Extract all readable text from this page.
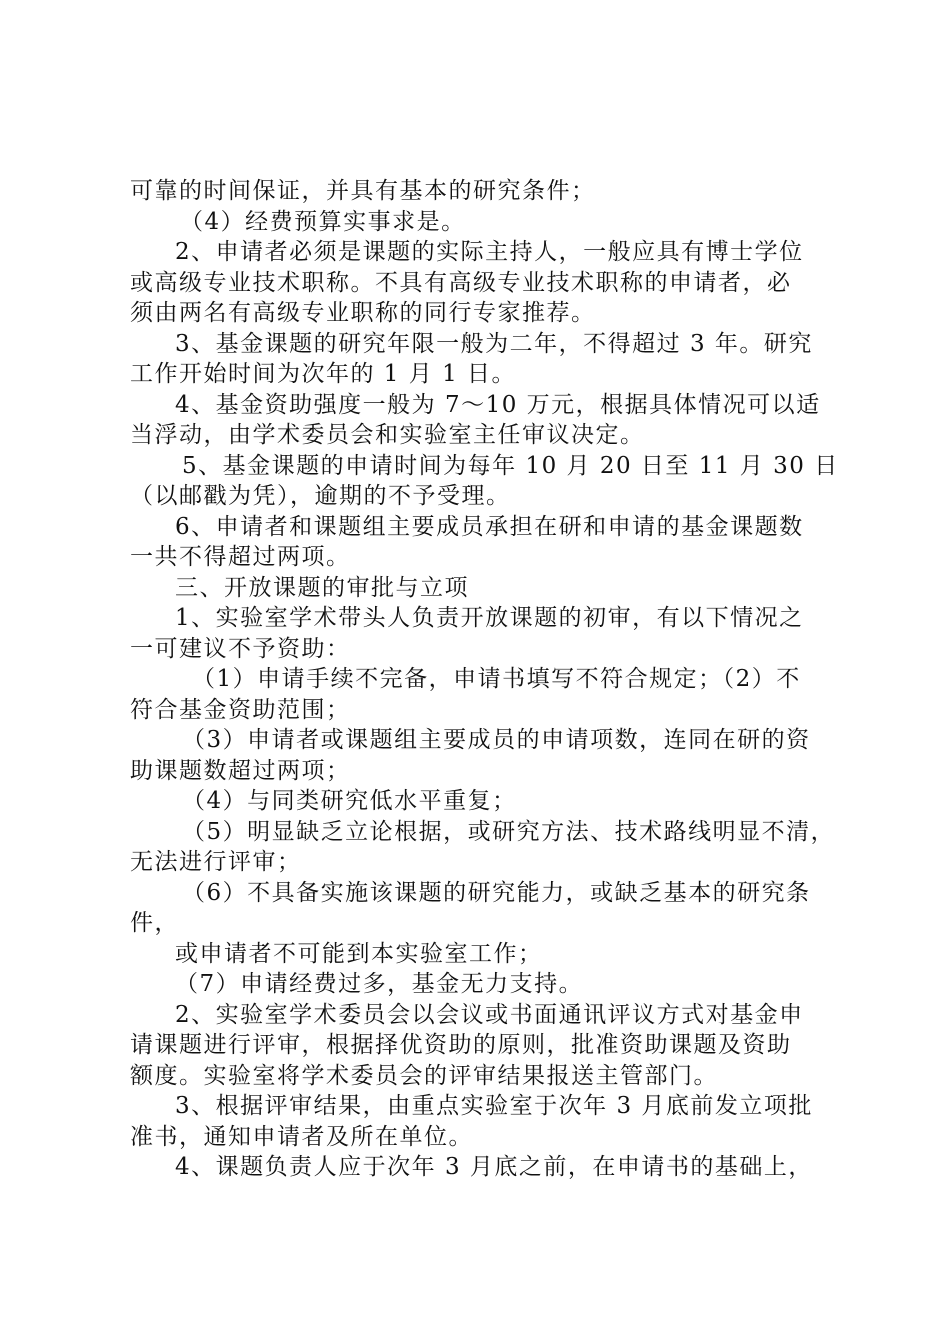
可靠的时间保证，并具有基本的研究条件；
（4）经费预算实事求是。
2、申请者必须是课题的实际主持人，一般应具有博士学位
或高级专业技术职称。不具有高级专业技术职称的申请者，必
须由两名有高级专业职称的同行专家推荐。
3、基金课题的研究年限一般为二年，不得超过 3 年。研究
工作开始时间为次年的 1 月 1 日。
4、基金资助强度一般为 7～10 万元，根据具体情况可以适
当浮动，由学术委员会和实验室主任审议决定。
5、基金课题的申请时间为每年 10 月 20 日至 11 月 30 日
（以邮戳为凭），逾期的不予受理。
6、申请者和课题组主要成员承担在研和申请的基金课题数
一共不得超过两项。
三、开放课题的审批与立项
1、实验室学术带头人负责开放课题的初审，有以下情况之
一可建议不予资助：
（1）申请手续不完备，申请书填写不符合规定；（2）不
符合基金资助范围；
（3）申请者或课题组主要成员的申请项数，连同在研的资
助课题数超过两项；
（4）与同类研究低水平重复；
（5）明显缺乏立论根据，或研究方法、技术路线明显不清，
无法进行评审；
（6）不具备实施该课题的研究能力，或缺乏基本的研究条
件，
或申请者不可能到本实验室工作；
（7）申请经费过多，基金无力支持。
2、实验室学术委员会以会议或书面通讯评议方式对基金申
请课题进行评审，根据择优资助的原则，批准资助课题及资助
额度。实验室将学术委员会的评审结果报送主管部门。
3、根据评审结果，由重点实验室于次年 3 月底前发立项批
准书，通知申请者及所在单位。
4、课题负责人应于次年 3 月底之前，在申请书的基础上，
